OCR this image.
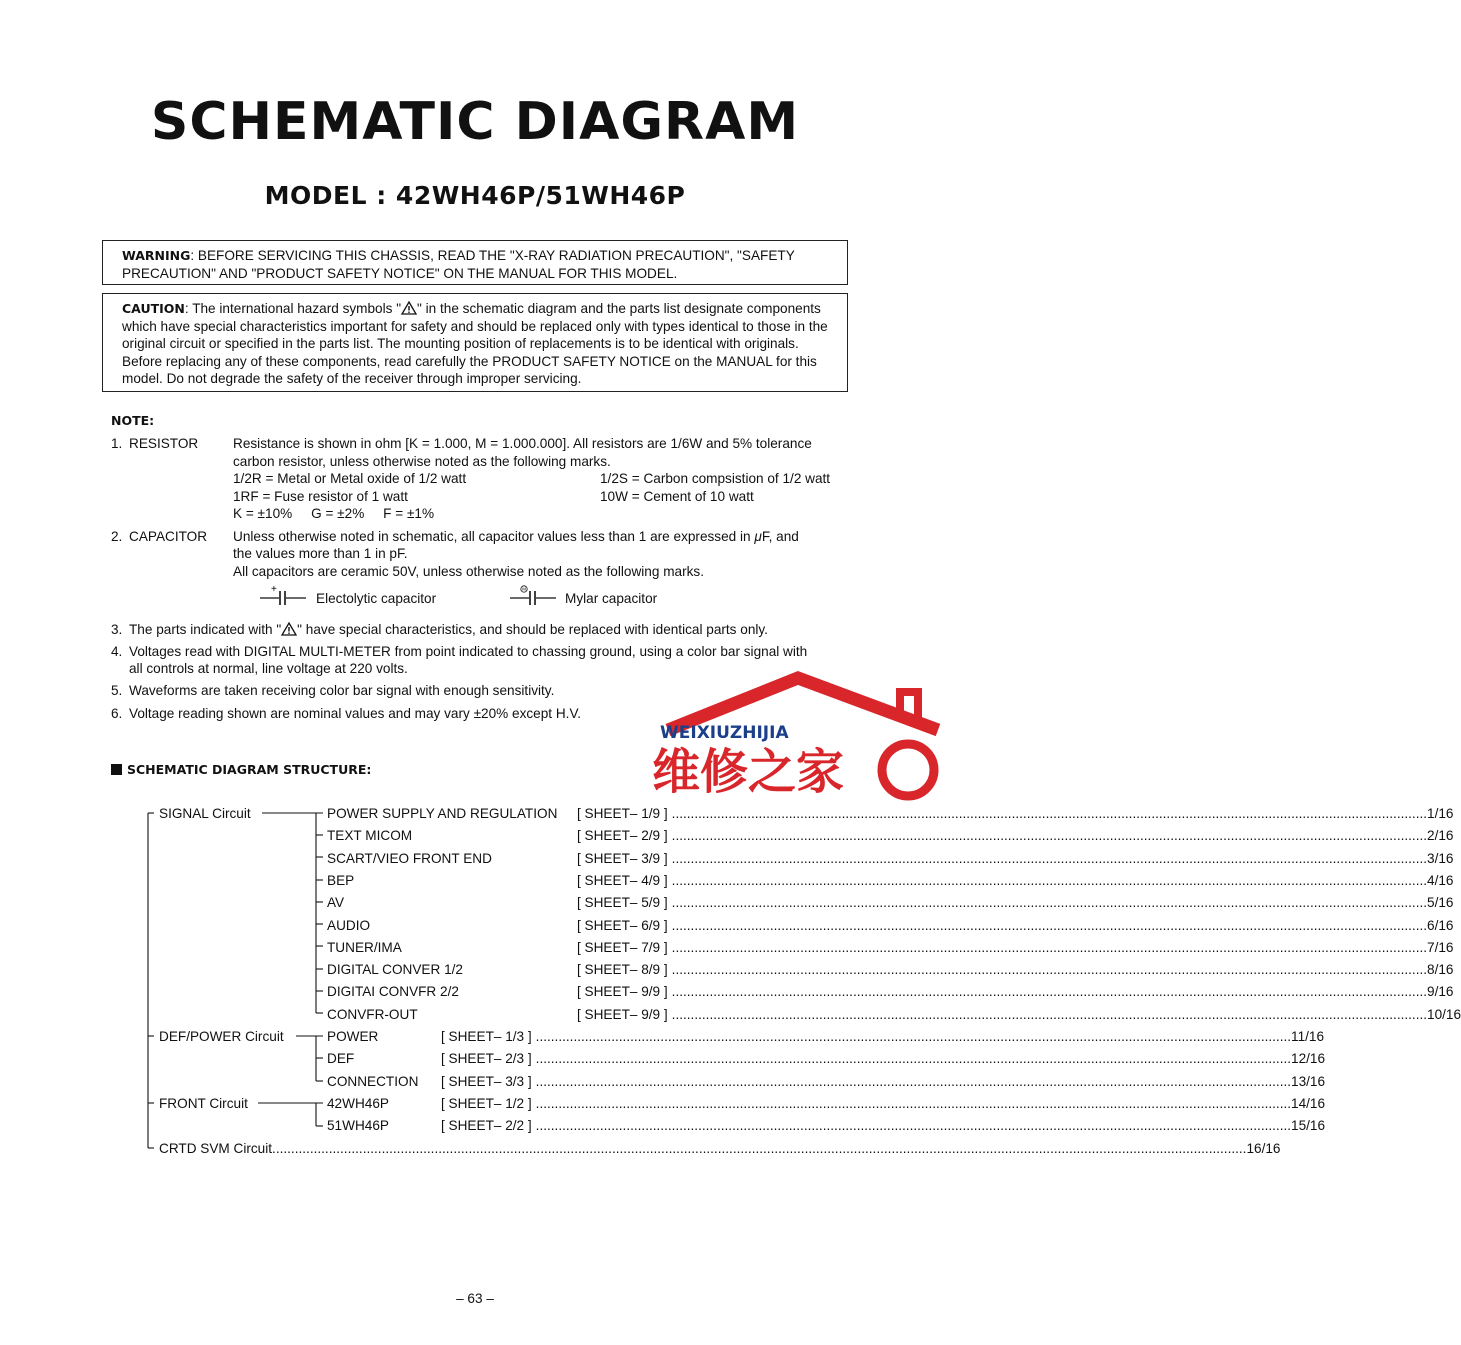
SCHEMATIC DIAGRAM
MODEL : 42WH46P/51WH46P
WARNING: BEFORE SERVICING THIS CHASSIS, READ THE "X-RAY RADIATION PRECAUTION", "SAFETY
PRECAUTION" AND "PRODUCT SAFETY NOTICE" ON THE MANUAL FOR THIS MODEL.
CAUTION: The international hazard symbols " " in the schematic diagram and the parts list designate components
which have special characteristics important for safety and should be replaced only with types identical to those in the
original circuit or specified in the parts list. The mounting position of replacements is to be identical with originals.
Before replacing any of these components, read carefully the PRODUCT SAFETY NOTICE on the MANUAL for this
model. Do not degrade the safety of the receiver through improper servicing.
NOTE:
1. RESISTOR	Resistance is shown in ohm [K = 1.000, M = 1.000.000]. All resistors are 1/6W and 5% tolerance
carbon resistor, unless otherwise noted as the following marks.
1/2R = Metal or Metal oxide of 1/2 watt	1/2S = Carbon compsistion of 1/2 watt
1RF = Fuse resistor of 1 watt	10W = Cement of 10 watt
K = ±10%     G = ±2%     F = ±1%
2. CAPACITOR Unless otherwise noted in schematic, all capacitor values less than 1 are expressed in μF, and
the values more than 1 in pF.
All capacitors are ceramic 50V, unless otherwise noted as the following marks.
+
Electolytic capacitor
M
Mylar capacitor
3. The parts indicated with " " have special characteristics, and should be replaced with identical parts only.
4. Voltages read with DIGITAL MULTI-METER from point indicated to chassing ground, using a color bar signal with
all controls at normal, line voltage at 220 volts.
5. Waveforms are taken receiving color bar signal with enough sensitivity.
6. Voltage reading shown are nominal values and may vary ±20% except H.V.
WEIXIUZHIJIA
维修之家
SCHEMATIC DIAGRAM STRUCTURE:
SIGNAL Circuit
DEF/POWER Circuit
FRONT Circuit
CRTD SVM Circuit .................................................................................................................................................................................................................................................................. 16/16
POWER SUPPLY AND REGULATION [ SHEET– 1/9 ] ........................................................................................................................................................................................................ 1/16
TEXT MICOM	[ SHEET– 2/9 ] ........................................................................................................................................................................................................ 2/16
SCART/VIEO FRONT END	[ SHEET– 3/9 ] ........................................................................................................................................................................................................ 3/16
BEP	[ SHEET– 4/9 ] ........................................................................................................................................................................................................ 4/16
AV	[ SHEET– 5/9 ] ........................................................................................................................................................................................................ 5/16
AUDIO	[ SHEET– 6/9 ] ........................................................................................................................................................................................................ 6/16
TUNER/IMA	[ SHEET– 7/9 ] ........................................................................................................................................................................................................ 7/16
DIGITAL CONVER 1/2	[ SHEET– 8/9 ] ........................................................................................................................................................................................................ 8/16
DIGITAI CONVFR 2/2	[ SHEET– 9/9 ] ........................................................................................................................................................................................................ 9/16
CONVFR-OUT	[ SHEET– 9/9 ] ........................................................................................................................................................................................................ 10/16
POWER	[ SHEET– 1/3 ] ........................................................................................................................................................................................................ 11/16
DEF	[ SHEET– 2/3 ] ........................................................................................................................................................................................................ 12/16
CONNECTION [ SHEET– 3/3 ] ........................................................................................................................................................................................................ 13/16
42WH46P	[ SHEET– 1/2 ] ........................................................................................................................................................................................................ 14/16
51WH46P	[ SHEET– 2/2 ] ........................................................................................................................................................................................................ 15/16
– 63 –
